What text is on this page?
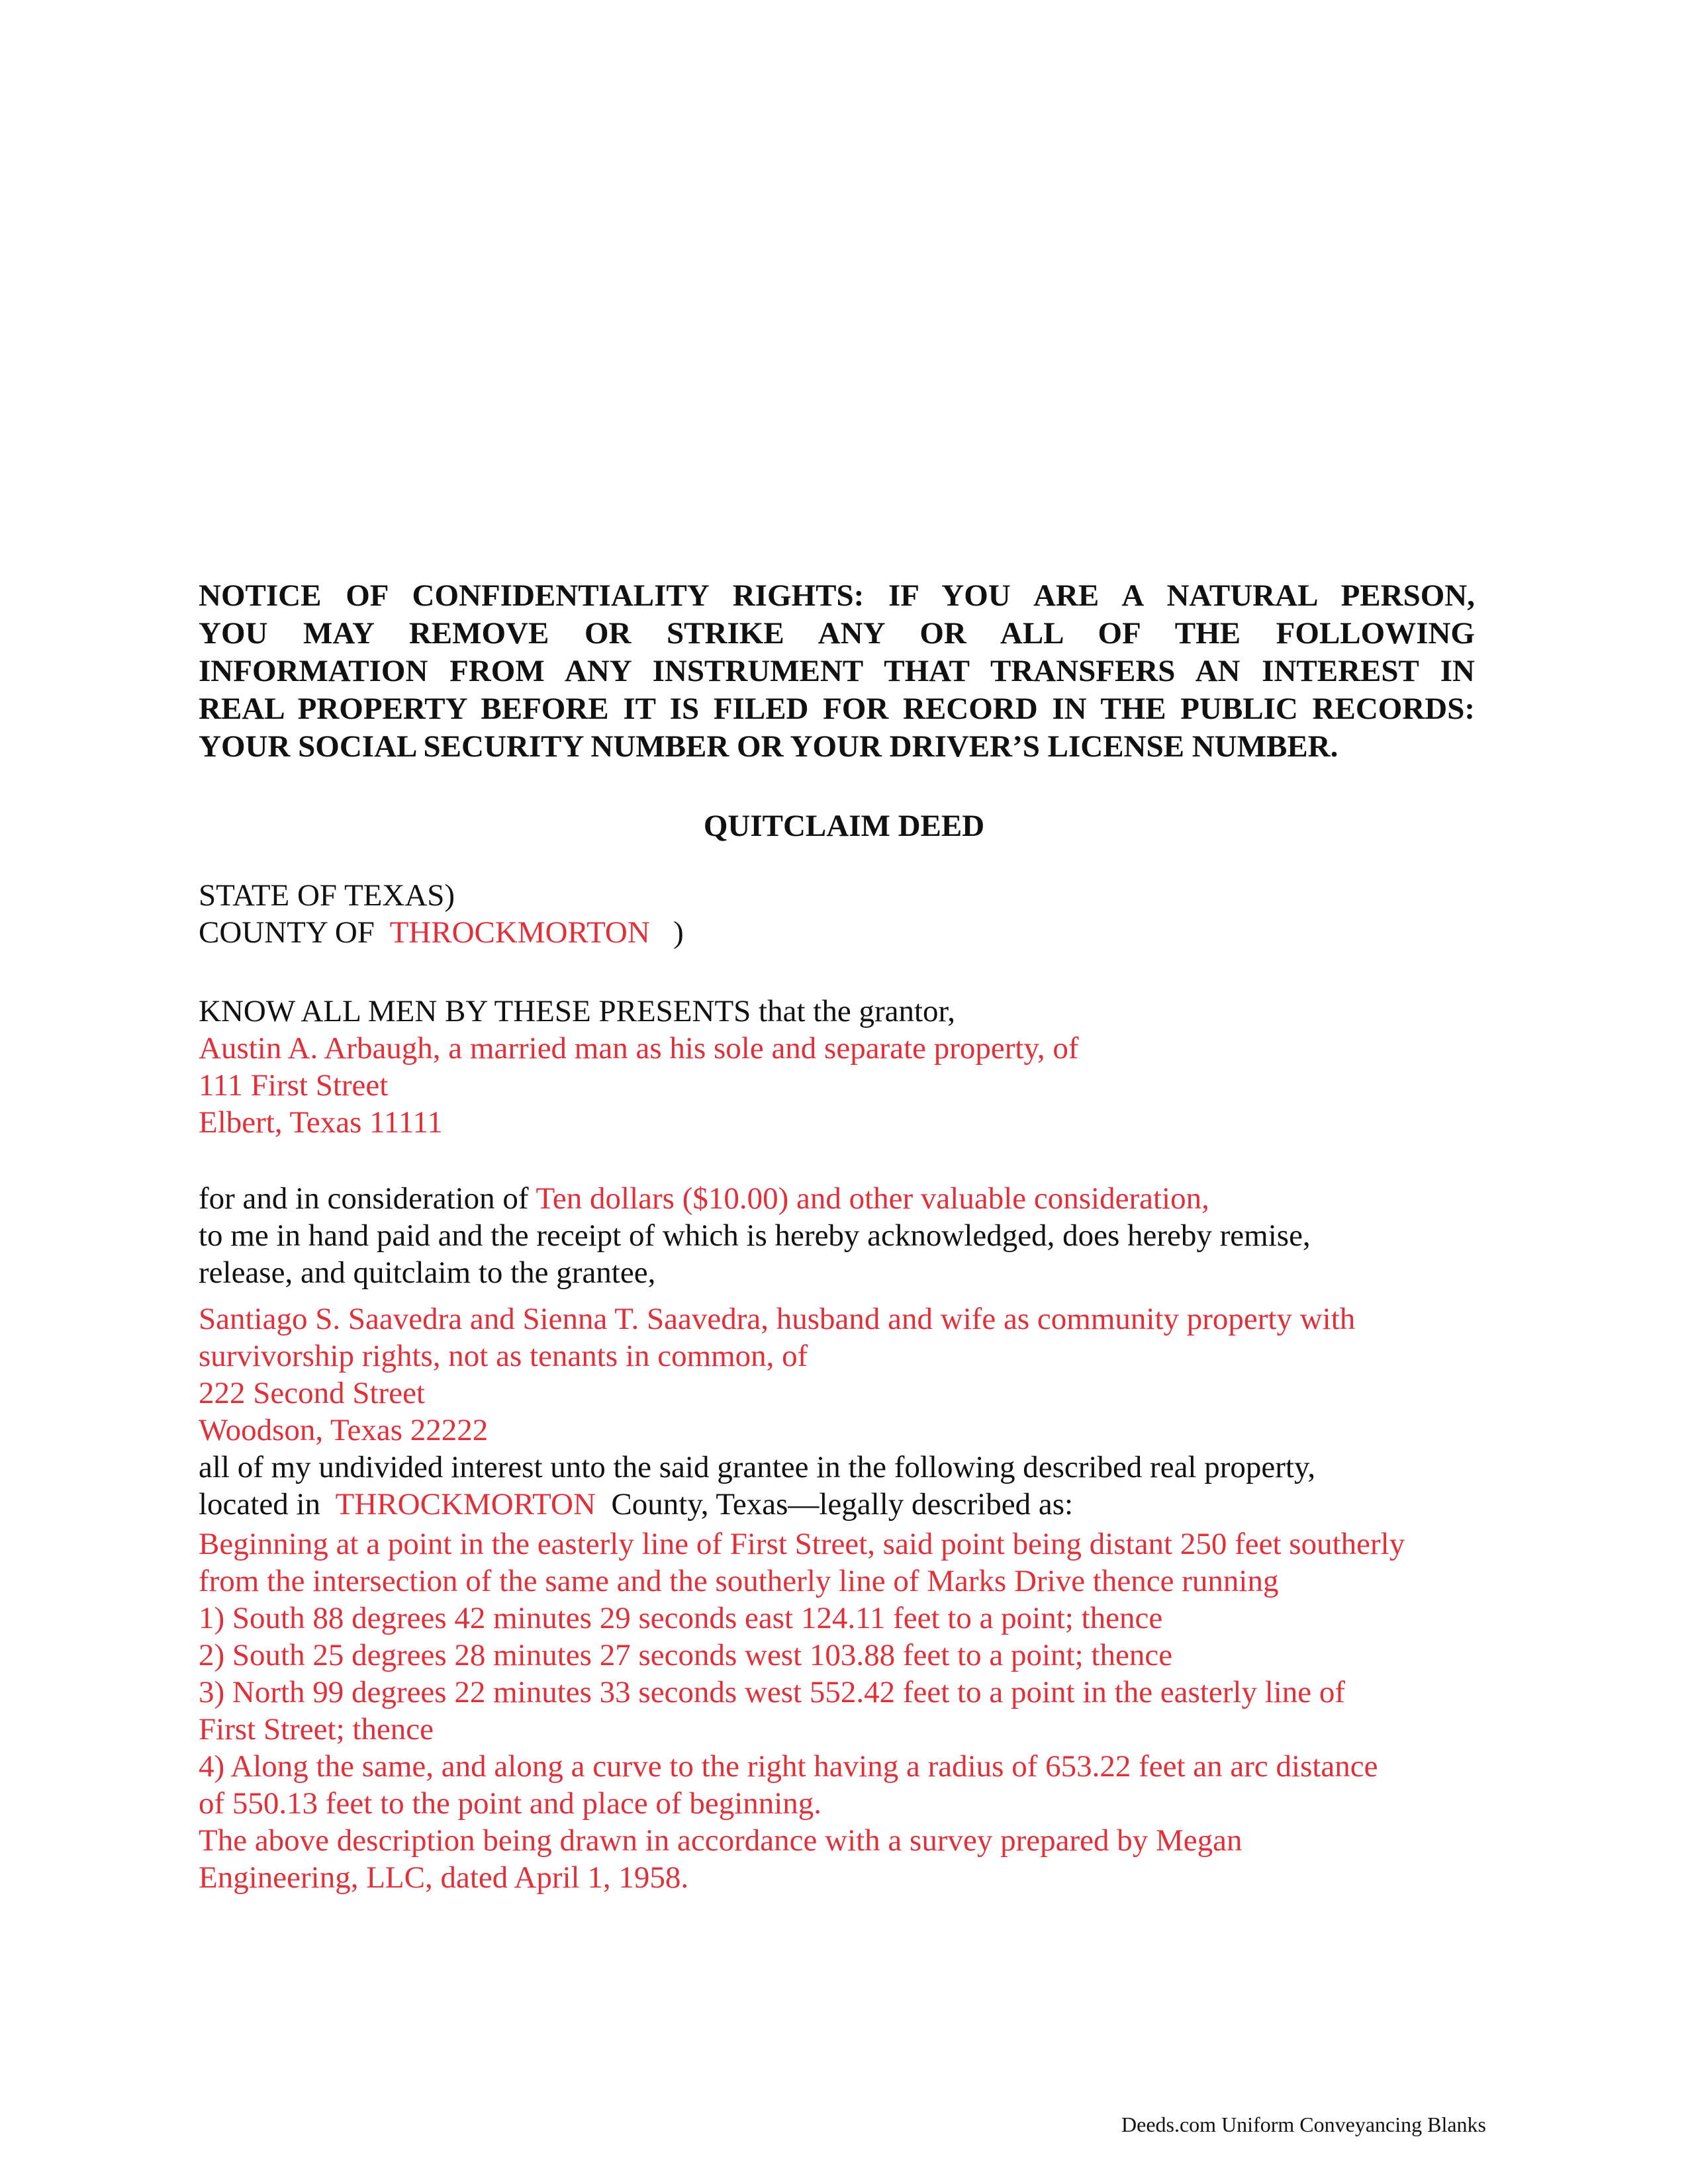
NOTICE OF CONFIDENTIALITY RIGHTS: IF YOU ARE A NATURAL PERSON,
YOU MAY REMOVE OR STRIKE ANY OR ALL OF THE FOLLOWING
INFORMATION FROM ANY INSTRUMENT THAT TRANSFERS AN INTEREST IN
REAL PROPERTY BEFORE IT IS FILED FOR RECORD IN THE PUBLIC RECORDS:
YOUR SOCIAL SECURITY NUMBER OR YOUR DRIVER’S LICENSE NUMBER.
QUITCLAIM DEED
STATE OF TEXAS)
COUNTY OF THROCKMORTON )
KNOW ALL MEN BY THESE PRESENTS that the grantor,
Austin A. Arbaugh, a married man as his sole and separate property, of
111 First Street
Elbert, Texas 11111
for and in consideration of Ten dollars ($10.00) and other valuable consideration,
to me in hand paid and the receipt of which is hereby acknowledged, does hereby remise,
release, and quitclaim to the grantee,
Santiago S. Saavedra and Sienna T. Saavedra, husband and wife as community property with
survivorship rights, not as tenants in common, of
222 Second Street
Woodson, Texas 22222
all of my undivided interest unto the said grantee in the following described real property,
located in THROCKMORTON County, Texas—legally described as:
Beginning at a point in the easterly line of First Street, said point being distant 250 feet southerly
from the intersection of the same and the southerly line of Marks Drive thence running
1) South 88 degrees 42 minutes 29 seconds east 124.11 feet to a point; thence
2) South 25 degrees 28 minutes 27 seconds west 103.88 feet to a point; thence
3) North 99 degrees 22 minutes 33 seconds west 552.42 feet to a point in the easterly line of
First Street; thence
4) Along the same, and along a curve to the right having a radius of 653.22 feet an arc distance
of 550.13 feet to the point and place of beginning.
The above description being drawn in accordance with a survey prepared by Megan
Engineering, LLC, dated April 1, 1958.
Deeds.com Uniform Conveyancing Blanks
